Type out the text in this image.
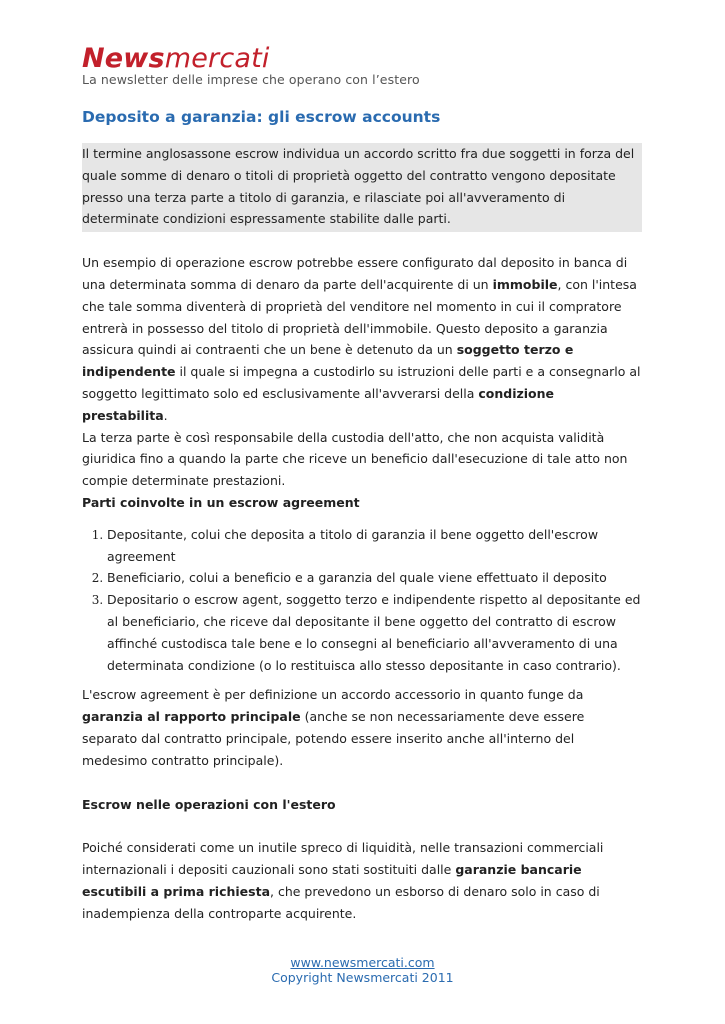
Newsmercati
La newsletter delle imprese che operano con l’estero
Deposito a garanzia: gli escrow accounts

Il termine anglosassone escrow individua un accordo scritto fra due soggetti in forza del quale somme di denaro o titoli di proprietà oggetto del contratto vengono depositate presso una terza parte a titolo di garanzia, e rilasciate poi all'avveramento di determinate condizioni espressamente stabilite dalle parti.

Un esempio di operazione escrow potrebbe essere configurato dal deposito in banca di una determinata somma di denaro da parte dell'acquirente di un immobile, con l'intesa che tale somma diventerà di proprietà del venditore nel momento in cui il compratore entrerà in possesso del titolo di proprietà dell'immobile. Questo deposito a garanzia assicura quindi ai contraenti che un bene è detenuto da un soggetto terzo e indipendente il quale si impegna a custodirlo su istruzioni delle parti e a consegnarlo al soggetto legittimato solo ed esclusivamente all'avverarsi della condizione prestabilita.

La terza parte è così responsabile della custodia dell'atto, che non acquista validità giuridica fino a quando la parte che riceve un beneficio dall'esecuzione di tale atto non compie determinate prestazioni.

Parti coinvolte in un escrow agreement

1. Depositante, colui che deposita a titolo di garanzia il bene oggetto dell'escrow agreement
2. Beneficiario, colui a beneficio e a garanzia del quale viene effettuato il deposito
3. Depositario o escrow agent, soggetto terzo e indipendente rispetto al depositante ed al beneficiario, che riceve dal depositante il bene oggetto del contratto di escrow affinché custodisca tale bene e lo consegni al beneficiario all'avveramento di una determinata condizione (o lo restituisca allo stesso depositante in caso contrario).

L'escrow agreement è per definizione un accordo accessorio in quanto funge da garanzia al rapporto principale (anche se non necessariamente deve essere separato dal contratto principale, potendo essere inserito anche all'interno del medesimo contratto principale).

Escrow nelle operazioni con l'estero

Poiché considerati come un inutile spreco di liquidità, nelle transazioni commerciali internazionali i depositi cauzionali sono stati sostituiti dalle garanzie bancarie escutibili a prima richiesta, che prevedono un esborso di denaro solo in caso di inadempienza della controparte acquirente.

www.newsmercati.com
Copyright Newsmercati 2011
